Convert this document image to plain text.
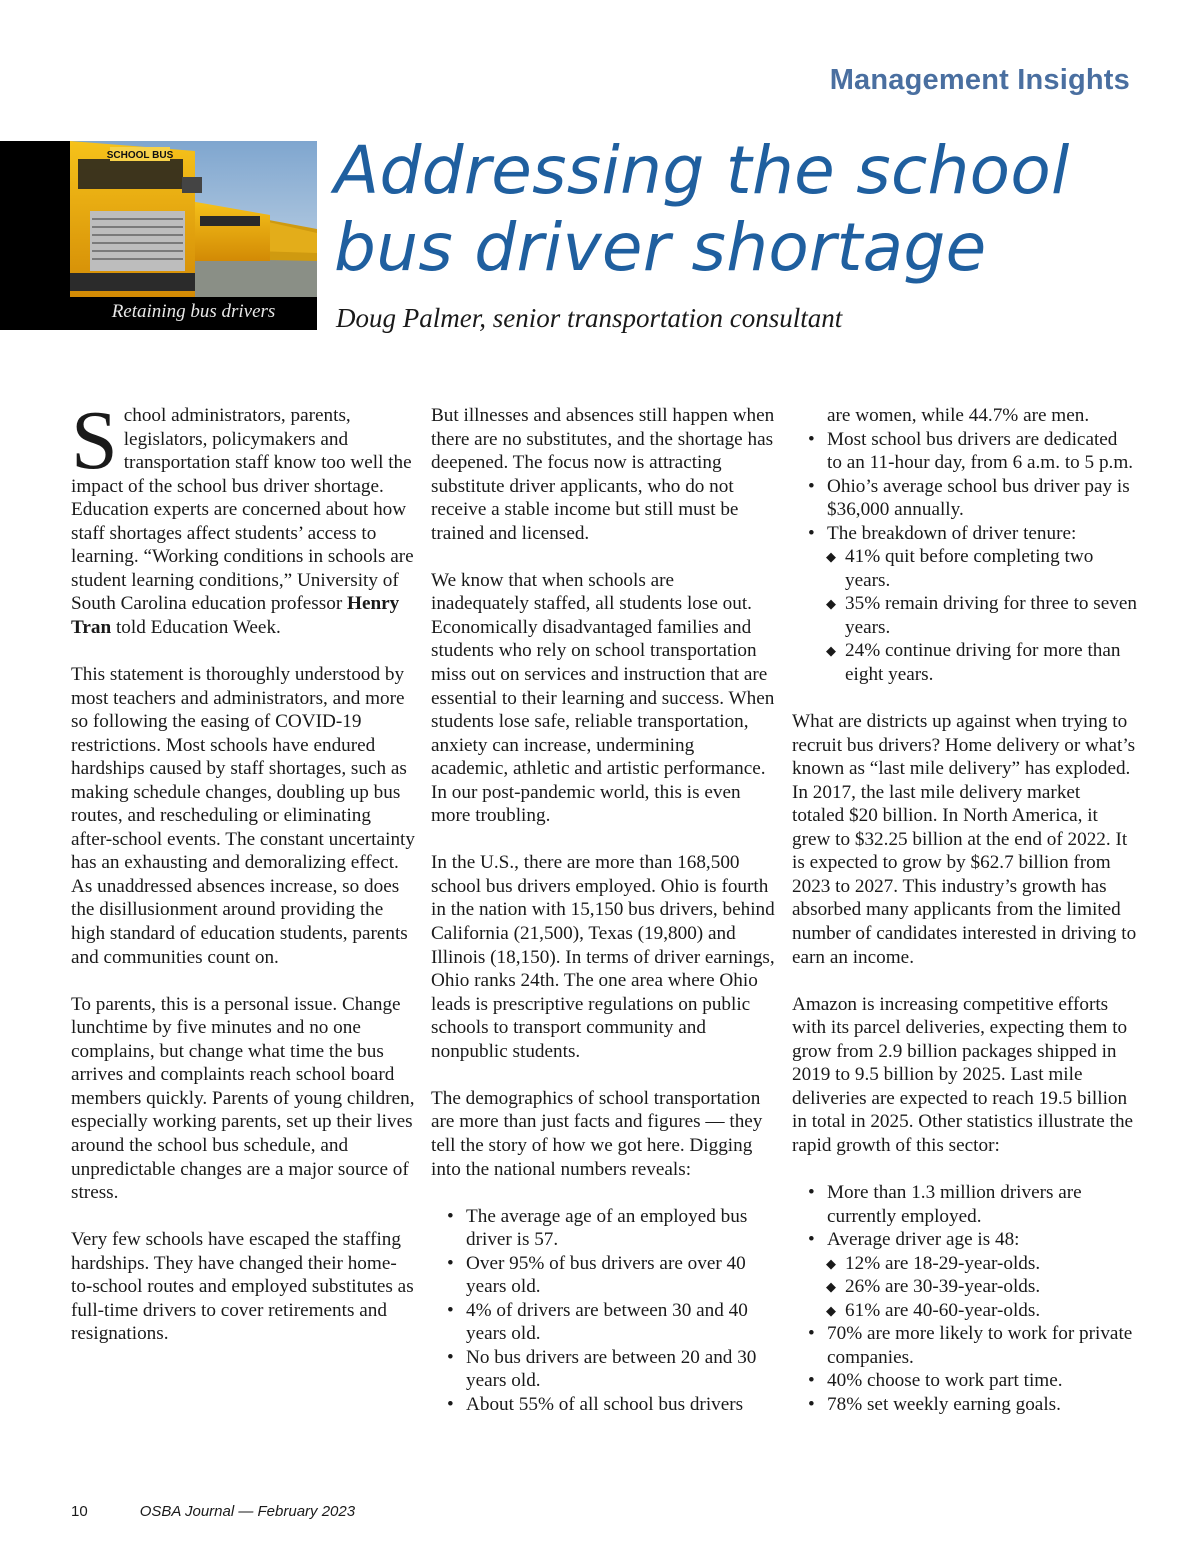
Management Insights
SCHOOL BUS
Retaining bus drivers
Addressing the school
bus driver shortage
Doug Palmer, senior transportation consultant

School administrators, parents, legislators, policymakers and transportation staff know too well the impact of the school bus driver shortage. Education experts are concerned about how staff shortages affect students’ access to learning. “Working conditions in schools are student learning conditions,” University of South Carolina education professor Henry Tran told Education Week.

This statement is thoroughly understood by most teachers and administrators, and more so following the easing of COVID-19 restrictions. Most schools have endured hardships caused by staff shortages, such as making schedule changes, doubling up bus routes, and rescheduling or eliminating after-school events. The constant uncertainty has an exhausting and demoralizing effect. As unaddressed absences increase, so does the disillusionment around providing the high standard of education students, parents and communities count on.

To parents, this is a personal issue. Change lunchtime by five minutes and no one complains, but change what time the bus arrives and complaints reach school board members quickly. Parents of young children, especially working parents, set up their lives around the school bus schedule, and unpredictable changes are a major source of stress.

Very few schools have escaped the staffing hardships. They have changed their home-to-school routes and employed substitutes as full-time drivers to cover retirements and resignations.

But illnesses and absences still happen when there are no substitutes, and the shortage has deepened. The focus now is attracting substitute driver applicants, who do not receive a stable income but still must be trained and licensed.

We know that when schools are inadequately staffed, all students lose out. Economically disadvantaged families and students who rely on school transportation miss out on services and instruction that are essential to their learning and success. When students lose safe, reliable transportation, anxiety can increase, undermining academic, athletic and artistic performance. In our post-pandemic world, this is even more troubling.

In the U.S., there are more than 168,500 school bus drivers employed. Ohio is fourth in the nation with 15,150 bus drivers, behind California (21,500), Texas (19,800) and Illinois (18,150). In terms of driver earnings, Ohio ranks 24th. The one area where Ohio leads is prescriptive regulations on public schools to transport community and nonpublic students.

The demographics of school transportation are more than just facts and figures — they tell the story of how we got here. Digging into the national numbers reveals:

• The average age of an employed bus driver is 57.
• Over 95% of bus drivers are over 40 years old.
• 4% of drivers are between 30 and 40 years old.
• No bus drivers are between 20 and 30 years old.
• About 55% of all school bus drivers
are women, while 44.7% are men.
• Most school bus drivers are dedicated to an 11-hour day, from 6 a.m. to 5 p.m.
• Ohio’s average school bus driver pay is $36,000 annually.
• The breakdown of driver tenure:
◆ 41% quit before completing two years.
◆ 35% remain driving for three to seven years.
◆ 24% continue driving for more than eight years.

What are districts up against when trying to recruit bus drivers? Home delivery or what’s known as “last mile delivery” has exploded. In 2017, the last mile delivery market totaled $20 billion. In North America, it grew to $32.25 billion at the end of 2022. It is expected to grow by $62.7 billion from 2023 to 2027. This industry’s growth has absorbed many applicants from the limited number of candidates interested in driving to earn an income.

Amazon is increasing competitive efforts with its parcel deliveries, expecting them to grow from 2.9 billion packages shipped in 2019 to 9.5 billion by 2025. Last mile deliveries are expected to reach 19.5 billion in total in 2025. Other statistics illustrate the rapid growth of this sector:

• More than 1.3 million drivers are currently employed.
• Average driver age is 48:
◆ 12% are 18-29-year-olds.
◆ 26% are 30-39-year-olds.
◆ 61% are 40-60-year-olds.
• 70% are more likely to work for private companies.
• 40% choose to work part time.
• 78% set weekly earning goals.
10	OSBA Journal — February 2023
